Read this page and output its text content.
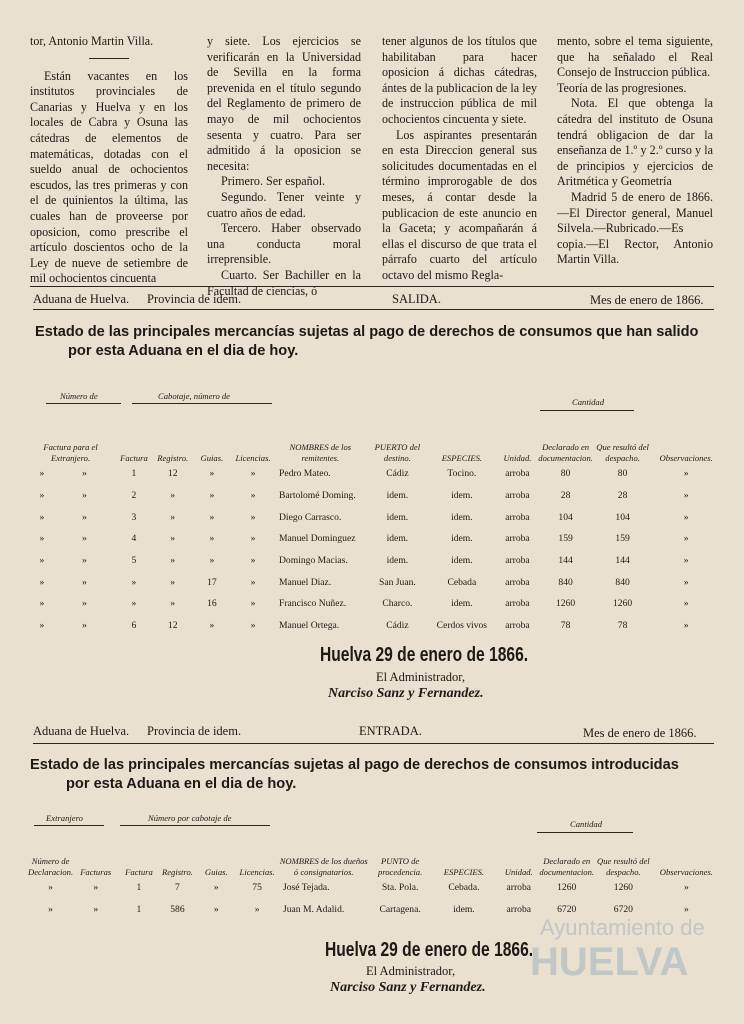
tor, Antonio Martin Villa.

Están vacantes en los institutos provinciales de Canarias y Huelva y en los locales de Cabra y Osuna las cátedras de elementos de matemáticas, dotadas con el sueldo anual de ochocientos escudos, las tres primeras y con el de quinientos la última, las cuales han de proveerse por oposicion, como prescribe el artículo doscientos ocho de la Ley de nueve de setiembre de mil ochocientos cincuenta

y siete. Los ejercicios se verificarán en la Universidad de Sevilla en la forma prevenida en el título segundo del Reglamento de primero de mayo de mil ochocientos sesenta y cuatro. Para ser admitido á la oposicion se necesita:

Primero. Ser español.

Segundo. Tener veinte y cuatro años de edad.

Tercero. Haber observado una conducta moral irreprensible.

Cuarto. Ser Bachiller en la Facultad de ciencias, ó

tener algunos de los títulos que habilitaban para hacer oposicion á dichas cátedras, ántes de la publicacion de la ley de instruccion pública de mil ochocientos cincuenta y siete.

Los aspirantes presentarán en esta Direccion general sus solicitudes documentadas en el término improrogable de dos meses, á contar desde la publicacion de este anuncio en la Gaceta; y acompañarán á ellas el discurso de que trata el párrafo cuarto del artículo octavo del mismo Regla-

mento, sobre el tema siguiente, que ha señalado el Real Consejo de Instruccion pública.

Teoría de las progresiones.

Nota. El que obtenga la cátedra del instituto de Osuna tendrá obligacion de dar la enseñanza de 1.º y 2.º curso y la de principios y ejercicios de Aritmética y Geometría

Madrid 5 de enero de 1866.—El Director general, Manuel Silvela.—Rubricado.—Es copia.—El Rector, Antonio Martin Villa.

Aduana de Huelva. Provincia de idem.	SALIDA.	Mes de enero de 1866.
Estado de las principales mercancías sujetas al pago de derechos de consumos que han salido
por esta Aduana en el dia de hoy.
Número de	Cabotaje, número de
Cantidad
Factura para el Extranjero.		Factura	Registro.	Guias.	Licencias.	NOMBRES de los remitentes.	PUERTO del destino.	ESPECIES.	Unidad.	Declarado en documentacion.	Que resultó del despacho.	Observaciones.
»	»	1	12	»	»	Pedro Mateo.	Cádiz	Tocino.	arroba	80	80	»
»	»	2	»	»	»	Bartolomé Doming.	idem.	idem.	arroba	28	28	»
»	»	3	»	»	»	Diego Carrasco.	idem.	idem.	arroba	104	104	»
»	»	4	»	»	»	Manuel Dominguez	idem.	idem.	arroba	159	159	»
»	»	5	»	»	»	Domingo Macias.	idem.	idem.	arroba	144	144	»
»	»	»	»	17	»	Manuel Diaz.	San Juan.	Cebada	arroba	840	840	»
»	»	»	»	16	»	Francisco Nuñez.	Charco.	idem.	arroba	1260	1260	»
»	»	6	12	»	»	Manuel Ortega.	Cádiz	Cerdos vivos	arroba	78	78	»
Huelva 29 de enero de 1866.
El Administrador,
Narciso Sanz y Fernandez.
Aduana de Huelva. Provincia de idem.	ENTRADA.	Mes de enero de 1866.
Estado de las principales mercancías sujetas al pago de derechos de consumos introducidas
por esta Aduana en el dia de hoy.
Extranjero	Número por cabotaje de
Cantidad
Número de Declaracion.	Facturas	Factura	Registro.	Guias.	Licencias.	NOMBRES de los dueños ó consignatarios.	PUNTO de procedencia.	ESPECIES.	Unidad.	Declarado en documentacion.	Que resultó del despacho.	Observaciones.
»	»	1	7	»	75	José Tejada.	Sta. Pola.	Cebada.	arroba	1260	1260	»
»	»	1	586	»	»	Juan M. Adalid.	Cartagena.	idem.	arroba	6720	6720	»
Huelva 29 de enero de 1866.
El Administrador,
Narciso Sanz y Fernandez.
Ayuntamiento de
HUELVA
